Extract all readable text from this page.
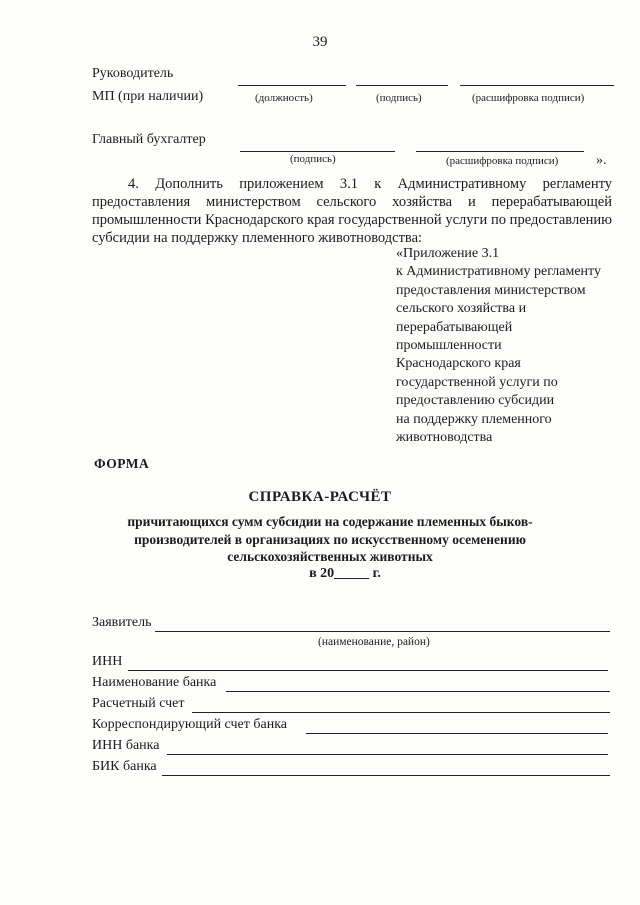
39
Руководитель
МП (при наличии)	(должность)	(подпись)	(расшифровка подписи)
Главный бухгалтер
(подпись)	(расшифровка подписи)	».
4. Дополнить приложением 3.1 к Административному регламенту предоставления министерством сельского хозяйства и перерабатывающей промышленности Краснодарского края государственной услуги по предоставлению субсидии на поддержку племенного животноводства:
«Приложение 3.1
к Административному регламенту
предоставления министерством
сельского хозяйства и
перерабатывающей
промышленности
Краснодарского края
государственной услуги по
предоставлению субсидии
на поддержку племенного
животноводства
ФОРМА
СПРАВКА-РАСЧЁТ
причитающихся сумм субсидии на содержание племенных быков-производителей в организациях по искусственному осеменению сельскохозяйственных животных
в 20_____ г.
Заявитель
(наименование, район)
ИНН
Наименование банка
Расчетный счет
Корреспондирующий счет банка
ИНН банка
БИК банка
